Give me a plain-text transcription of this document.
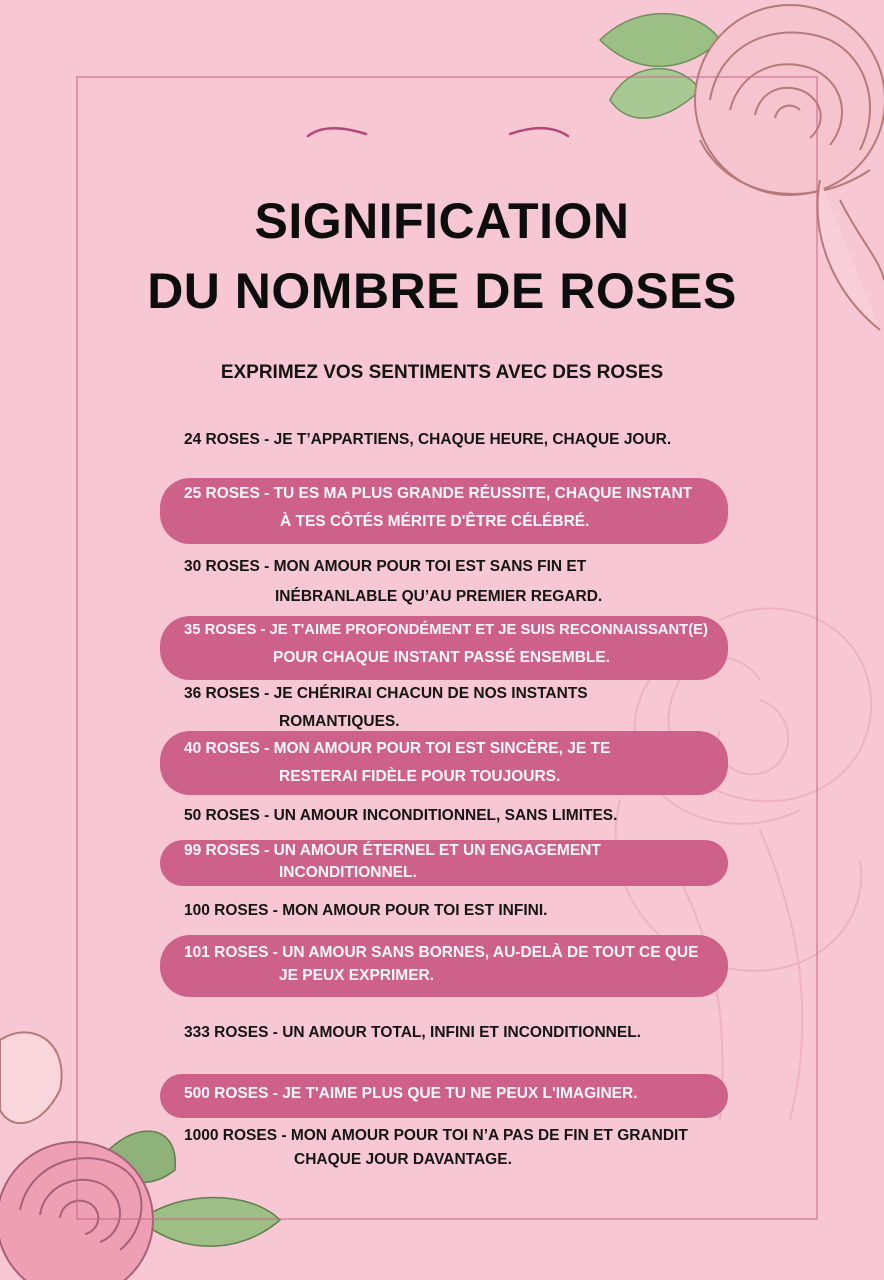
SIGNIFICATION
DU NOMBRE DE ROSES
EXPRIMEZ VOS SENTIMENTS AVEC DES ROSES
24 ROSES - JE T’APPARTIENS, CHAQUE HEURE, CHAQUE JOUR.
25 ROSES - TU ES MA PLUS GRANDE RÉUSSITE, CHAQUE INSTANT
À TES CÔTÉS MÉRITE D'ÊTRE CÉLÉBRÉ.
30 ROSES - MON AMOUR POUR TOI EST SANS FIN ET
INÉBRANLABLE QU’AU PREMIER REGARD.
35 ROSES - JE T'AIME PROFONDÉMENT ET JE SUIS RECONNAISSANT(E)
POUR CHAQUE INSTANT PASSÉ ENSEMBLE.
36 ROSES - JE CHÉRIRAI CHACUN DE NOS INSTANTS
ROMANTIQUES.
40 ROSES - MON AMOUR POUR TOI EST SINCÈRE, JE TE
RESTERAI FIDÈLE POUR TOUJOURS.
50 ROSES - UN AMOUR INCONDITIONNEL, SANS LIMITES.
99 ROSES - UN AMOUR ÉTERNEL ET UN ENGAGEMENT
INCONDITIONNEL.
100 ROSES - MON AMOUR POUR TOI EST INFINI.
101 ROSES - UN AMOUR SANS BORNES, AU-DELÀ DE TOUT CE QUE
JE PEUX EXPRIMER.
333 ROSES - UN AMOUR TOTAL, INFINI ET INCONDITIONNEL.
500 ROSES - JE T'AIME PLUS QUE TU NE PEUX L'IMAGINER.
1000 ROSES - MON AMOUR POUR TOI N’A PAS DE FIN ET GRANDIT
CHAQUE JOUR DAVANTAGE.
